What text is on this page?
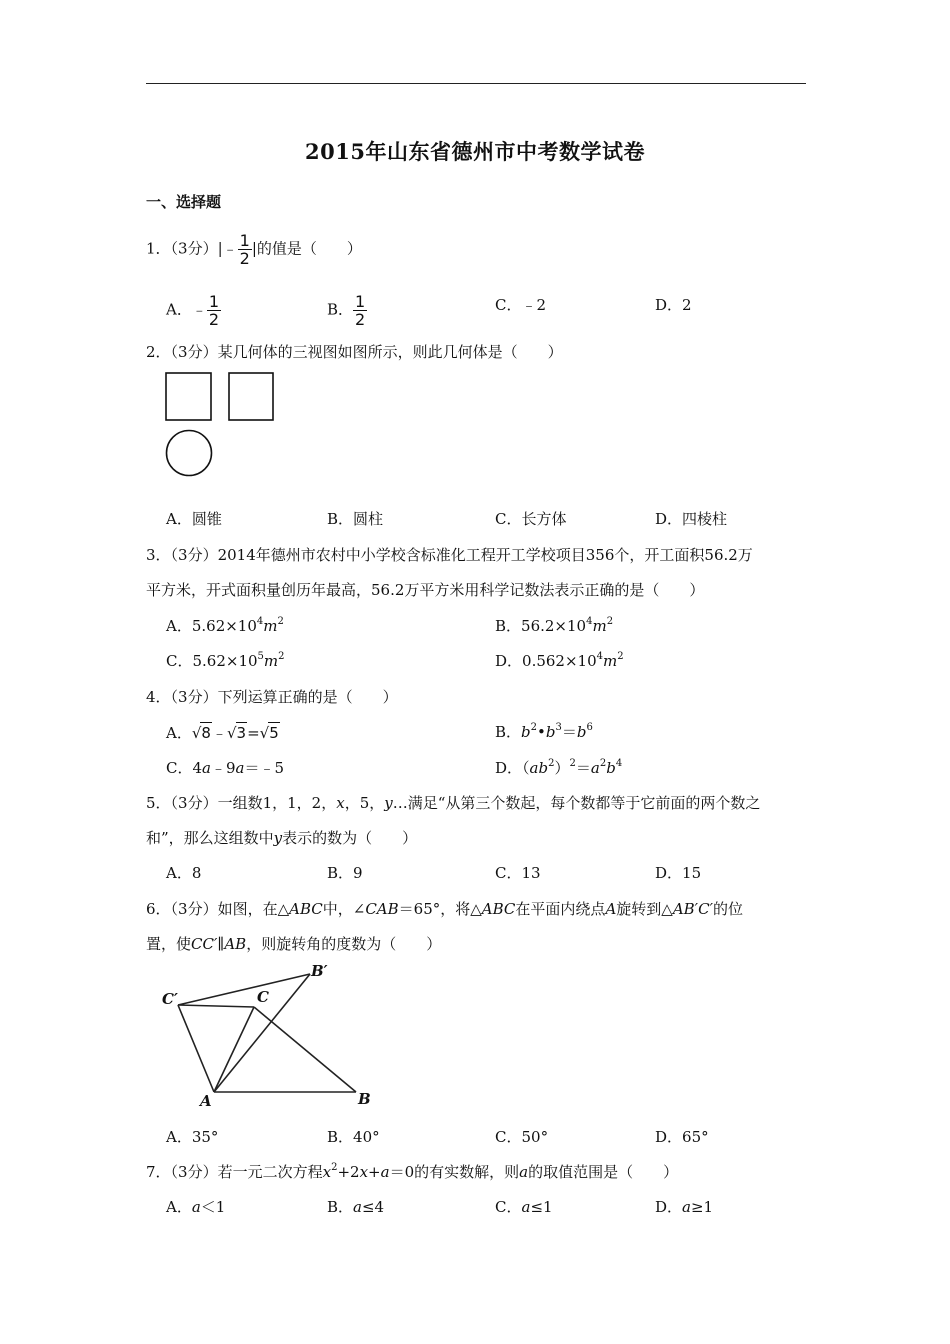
2015年山东省德州市中考数学试卷
一、选择题
1．（3分）|﹣ $\frac{1}{2}$ |的值是（　　）
A．﹣ $\frac{1}{2}$	B． $\frac{1}{2}$	C．﹣2	D．2
2．（3分）某几何体的三视图如图所示，则此几何体是（　　）
A．圆锥	B．圆柱	C．长方体	D．四棱柱
3．（3分）2014年德州市农村中小学校含标准化工程开工学校项目356个，开工面积56.2万
平方米，开式面积量创历年最高，56.2万平方米用科学记数法表示正确的是（　　）
A．$5.62\times 10^4m^2$	B．$56.2\times 10^4m^2$
C．$5.62\times 10^5m^2$	D．$0.562\times 10^4m^2$
4．（3分）下列运算正确的是（　　）
A．√8﹣√3=√5	B．$b^2•b^3=b^6$
C．4a﹣9a＝﹣5	D．$(ab^2)^2=a^2b^4$
5．（3分）一组数1，1，2，x，5，y…满足“从第三个数起，每个数都等于它前面的两个数之
和”，那么这组数中y表示的数为（　　）
A．8	B．9	C．13	D．15
6．（3分）如图，在△ABC中，∠CAB＝65°，将△ABC在平面内绕点A旋转到△AB′C′的位
置，使CC′∥AB，则旋转角的度数为（　　）
C′	C
B′
A	B
A．35°	B．40°	C．50°	D．65°
7．（3分）若一元二次方程$x^2+2x+a=0$的有实数解，则a的取值范围是（　　）
A．a＜1	B．a≤4	C．a≤1	D．a≥1
